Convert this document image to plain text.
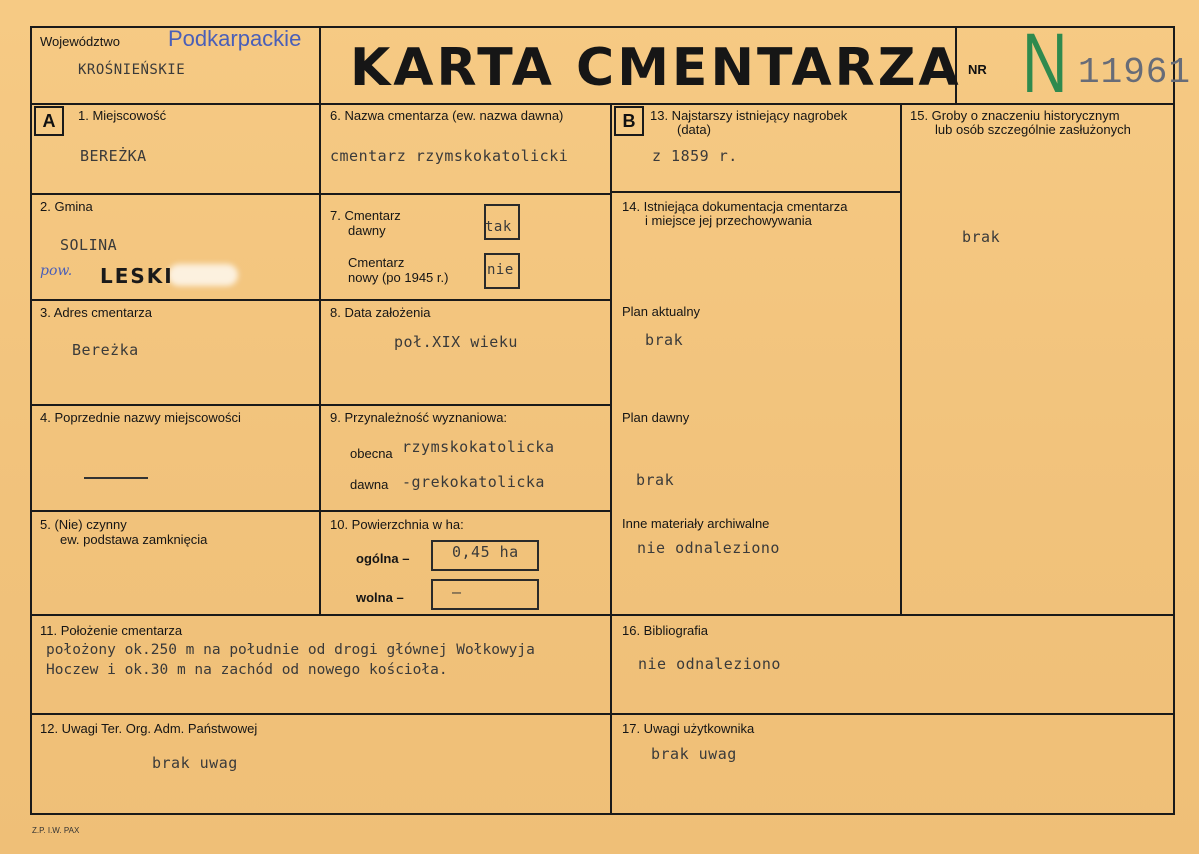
Województwo Podkarpackie
KROŚNIEŃSKIE	KARTA CMENTARZA NR N 11961
A	1. Miejscowość
BEREŻKA
2. Gmina
SOLINA
pow. LESKI
3. Adres cmentarza
Bereżka
4. Poprzednie nazwy miejscowości
5. (Nie) czynny
ew. podstawa zamknięcia
6. Nazwa cmentarza (ew. nazwa dawna)
cmentarz rzymskokatolicki
7. Cmentarz
dawny	tak
Cmentarz
nowy (po 1945 r.)	nie
8. Data założenia
poł.XIX wieku
9. Przynależność wyznaniowa:
obecna rzymskokatolicka
dawna -grekokatolicka
10. Powierzchnia w ha:
ogólna –	0,45 ha
wolna –	–
B	13. Najstarszy istniejący nagrobek
(data)
z 1859 r.
14. Istniejąca dokumentacja cmentarza
i miejsce jej przechowywania
Plan aktualny
brak
Plan dawny
brak
Inne materiały archiwalne
nie odnaleziono
15. Groby o znaczeniu historycznym
lub osób szczególnie zasłużonych
brak
11. Położenie cmentarza
położony ok.250 m na południe od drogi głównej Wołkowyja
Hoczew i ok.30 m na zachód od nowego kościoła.
16. Bibliografia
nie odnaleziono
12. Uwagi Ter. Org. Adm. Państwowej
brak uwag
17. Uwagi użytkownika
brak uwag
Z.P. I.W. PAX
